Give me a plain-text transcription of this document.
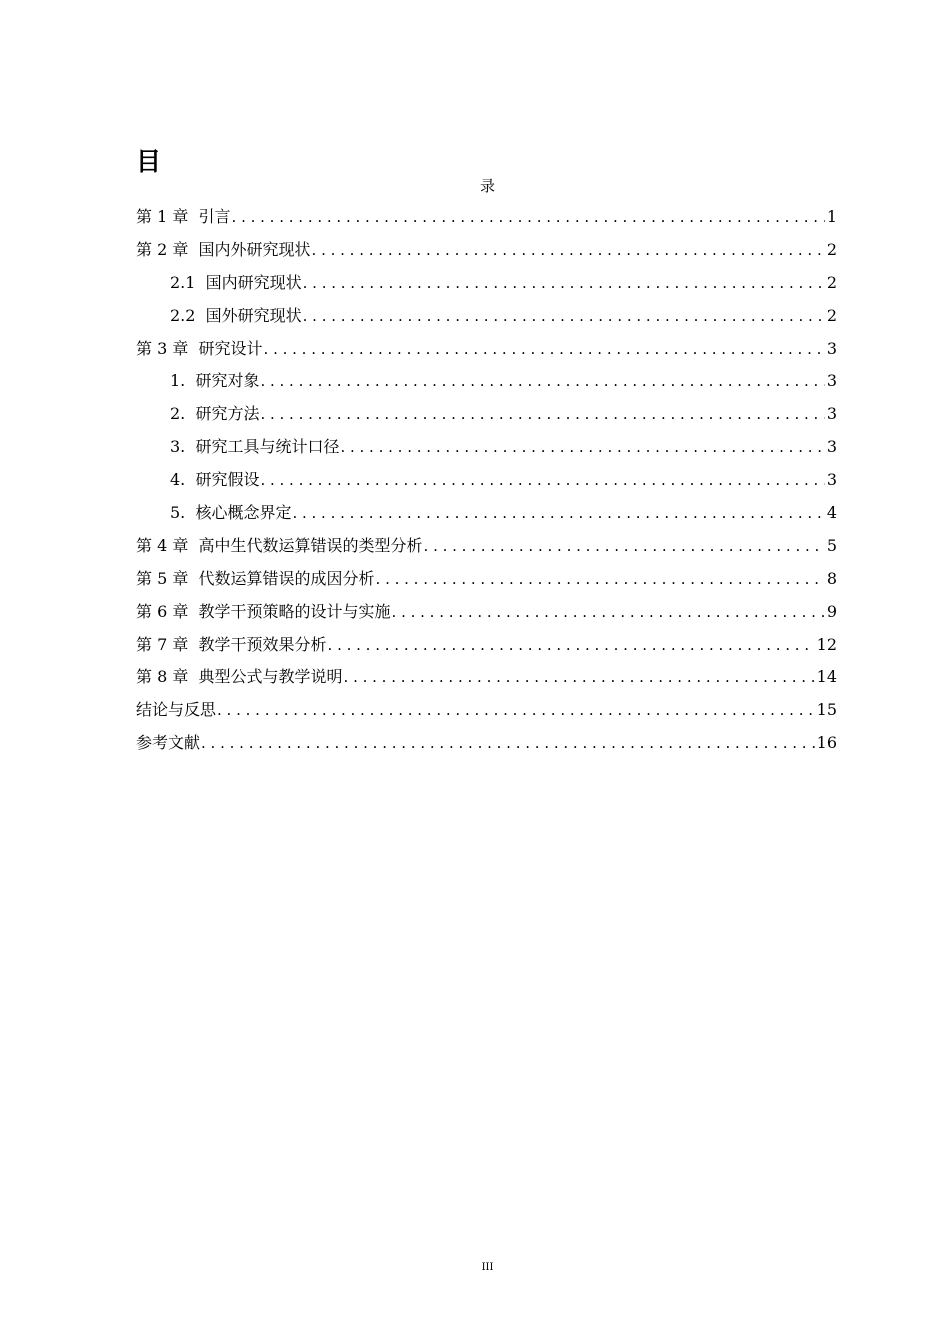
目
录
第 1 章  引言 . . .	1
第 2 章  国内外研究现状 . . .	2
2.1  国内研究现状 . . .	2
2.2  国外研究现状 . . .	2
第 3 章  研究设计 . . .	3
1.  研究对象 . . .	3
2.  研究方法 . . .	3
3.  研究工具与统计口径 . . .	3
4.  研究假设 . . .	3
5.  核心概念界定 . . .	4
第 4 章  高中生代数运算错误的类型分析 . . .	5
第 5 章  代数运算错误的成因分析 . . .	8
第 6 章  教学干预策略的设计与实施 . . .	9
第 7 章  教学干预效果分析 . . .	12
第 8 章  典型公式与教学说明 . . .	14
结论与反思 . . .	15
参考文献 . . .	16
III
